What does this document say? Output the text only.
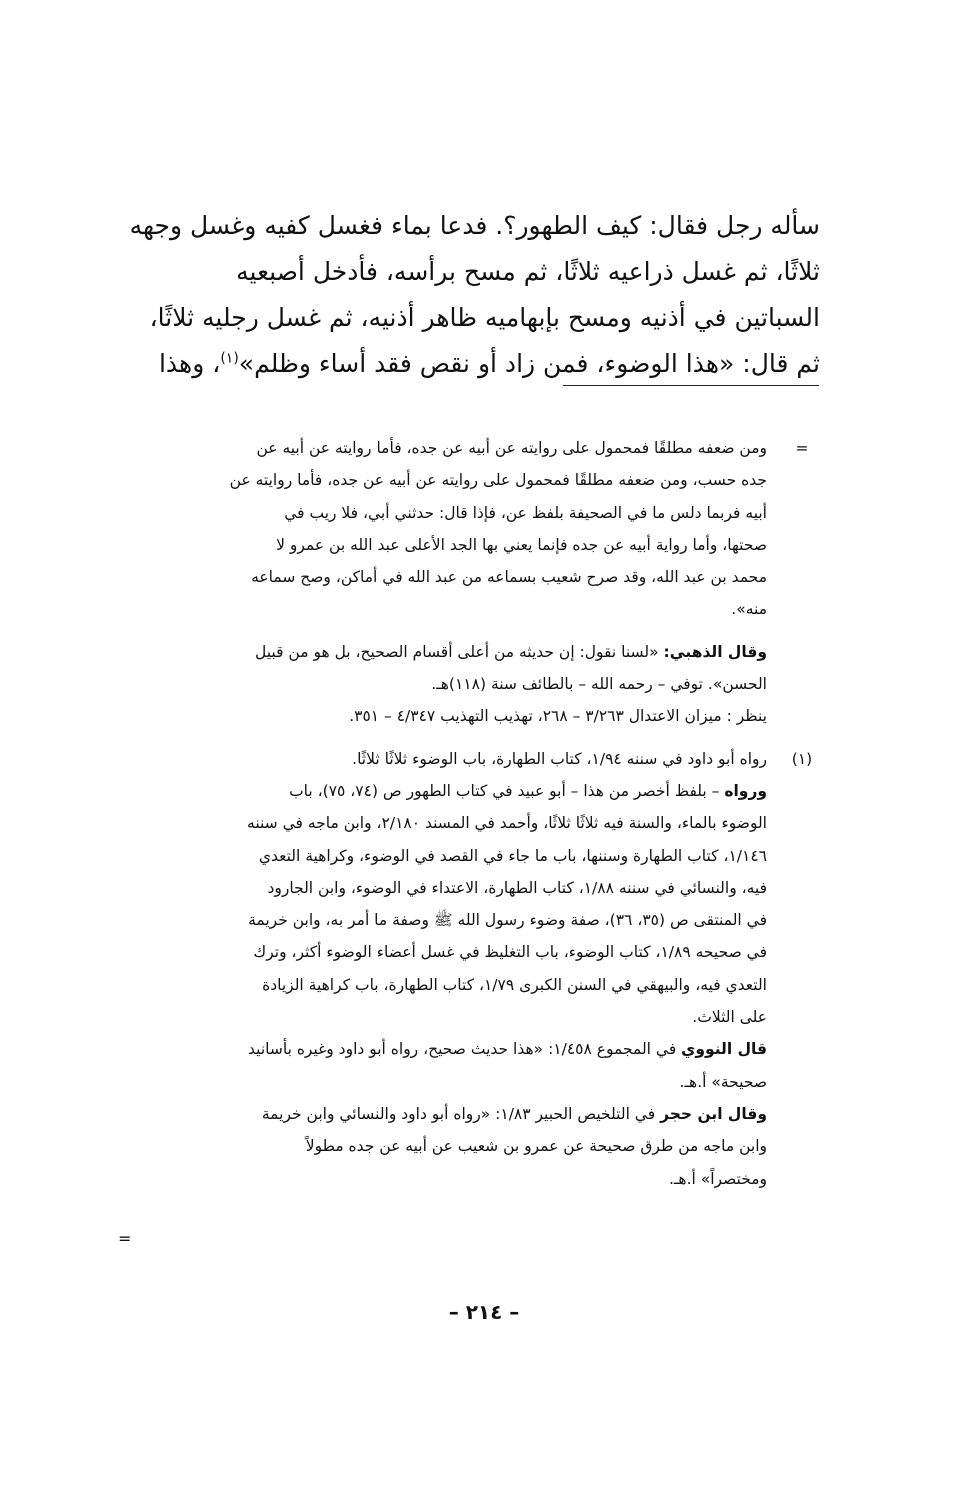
سأله رجل فقال: كيف الطهور؟. فدعا بماء فغسل كفيه وغسل وجهه
ثلاثًا، ثم غسل ذراعيه ثلاثًا، ثم مسح برأسه، فأدخل أصبعيه
السباتين في أذنيه ومسح بإبهاميه ظاهر أذنيه، ثم غسل رجليه ثلاثًا،
ثم قال: «هذا الوضوء، فمن زاد أو نقص فقد أساء وظلم»$^{(١)}$، وهذا
=
ومن ضعفه مطلقًا فمحمول على روايته عن أبيه عن جده، فأما روايته عن أبيه عن
جده حسب، ومن ضعفه مطلقًا فمحمول على روايته عن أبيه عن جده، فأما روايته عن
أبيه فربما دلس ما في الصحيفة بلفظ عن، فإذا قال: حدثني أبي، فلا ريب في
صحتها، وأما رواية أبيه عن جده فإنما يعني بها الجد الأعلى عبد الله بن عمرو لا
محمد بن عبد الله، وقد صرح شعيب بسماعه من عبد الله في أماكن، وصح سماعه
منه».
وقال الذهبي: «لسنا نقول: إن حديثه من أعلى أقسام الصحيح، بل هو من قبيل
الحسن». توفي – رحمه الله – بالطائف سنة (١١٨)هـ.
ينظر : ميزان الاعتدال ٣/٢٦٣ – ٢٦٨، تهذيب التهذيب ٤/٣٤٧ – ٣٥١.
(١)
رواه أبو داود في سننه ١/٩٤، كتاب الطهارة، باب الوضوء ثلاثًا ثلاثًا.
ورواه – بلفظ أخصر من هذا – أبو عبيد في كتاب الطهور ص (٧٤، ٧٥)، باب
الوضوء بالماء، والسنة فيه ثلاثًا ثلاثًا، وأحمد في المسند ٢/١٨٠، وابن ماجه في سننه
١/١٤٦، كتاب الطهارة وسننها، باب ما جاء في القصد في الوضوء، وكراهية التعدي
فيه، والنسائي في سننه ١/٨٨، كتاب الطهارة، الاعتداء في الوضوء، وابن الجارود
في المنتقى ص (٣٥، ٣٦)، صفة وضوء رسول الله ﷺ وصفة ما أمر به، وابن خريمة
في صحيحه ١/٨٩، كتاب الوضوء، باب التغليظ في غسل أعضاء الوضوء أكثر، وترك
التعدي فيه، والبيهقي في السنن الكبرى ١/٧٩، كتاب الطهارة، باب كراهية الزيادة
على الثلاث.
قال النووي في المجموع ١/٤٥٨: «هذا حديث صحيح، رواه أبو داود وغيره بأسانيد
صحيحة» أ.هـ.
وقال ابن حجر في التلخيص الحبير ١/٨٣: «رواه أبو داود والنسائي وابن خريمة
وابن ماجه من طرق صحيحة عن عمرو بن شعيب عن أبيه عن جده مطولاً
ومختصراً» أ.هـ.
=
– ٢١٤ –
